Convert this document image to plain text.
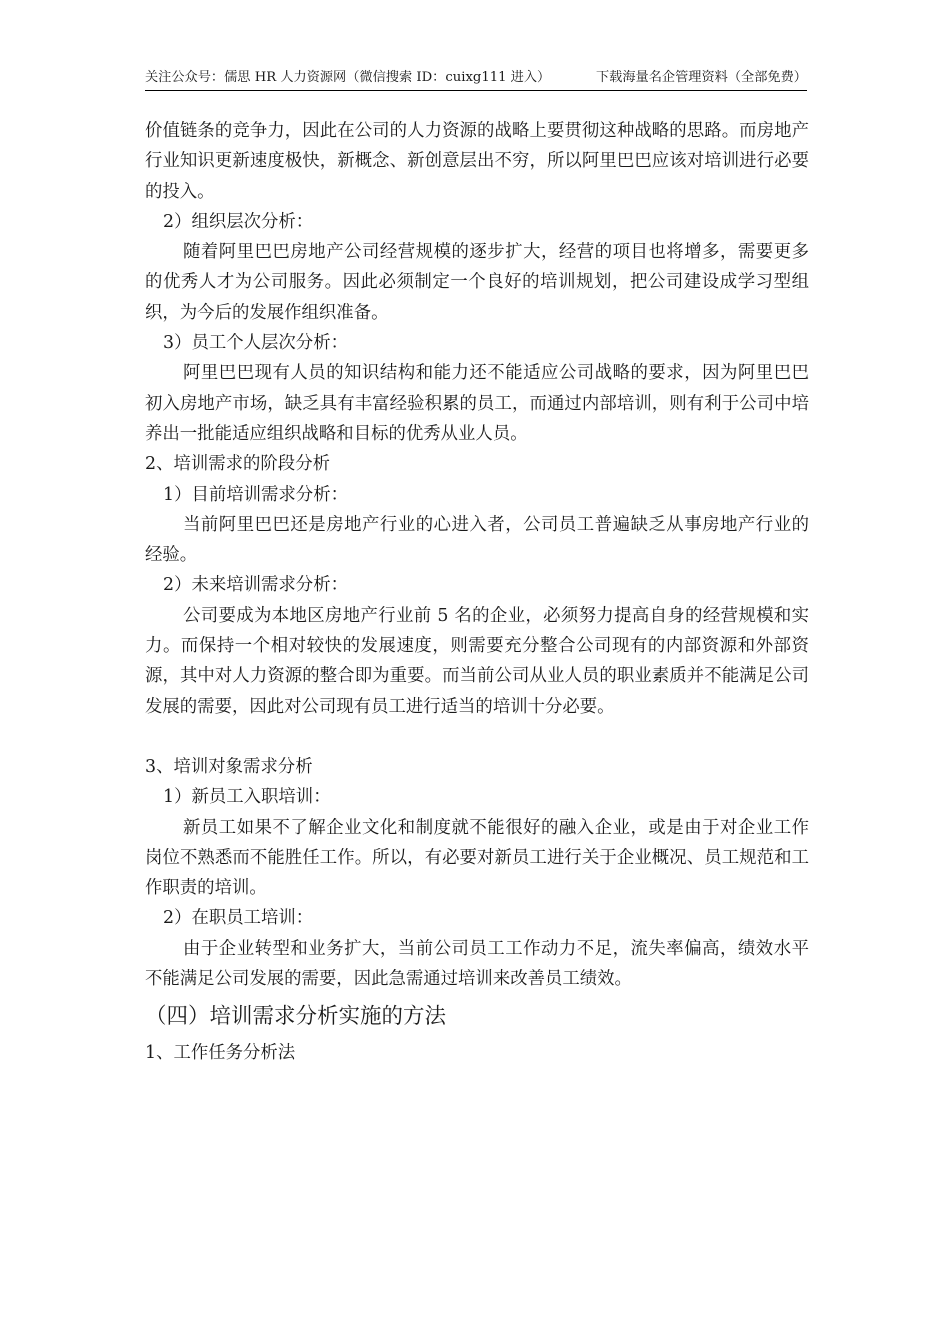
关注公众号：儒思 HR 人力资源网（微信搜索 ID：cuixg111 进入）	下载海量名企管理资料（全部免费）

价值链条的竞争力，因此在公司的人力资源的战略上要贯彻这种战略的思路。而房地产行业知识更新速度极快，新概念、新创意层出不穷，所以阿里巴巴应该对培训进行必要的投入。

2）组织层次分析：

随着阿里巴巴房地产公司经营规模的逐步扩大，经营的项目也将增多，需要更多的优秀人才为公司服务。因此必须制定一个良好的培训规划，把公司建设成学习型组织，为今后的发展作组织准备。

3）员工个人层次分析：

阿里巴巴现有人员的知识结构和能力还不能适应公司战略的要求，因为阿里巴巴初入房地产市场，缺乏具有丰富经验积累的员工，而通过内部培训，则有利于公司中培养出一批能适应组织战略和目标的优秀从业人员。

2、培训需求的阶段分析

1）目前培训需求分析：

当前阿里巴巴还是房地产行业的心进入者，公司员工普遍缺乏从事房地产行业的经验。

2）未来培训需求分析：

公司要成为本地区房地产行业前 5 名的企业，必须努力提高自身的经营规模和实力。而保持一个相对较快的发展速度，则需要充分整合公司现有的内部资源和外部资源，其中对人力资源的整合即为重要。而当前公司从业人员的职业素质并不能满足公司发展的需要，因此对公司现有员工进行适当的培训十分必要。

3、培训对象需求分析

1）新员工入职培训：

新员工如果不了解企业文化和制度就不能很好的融入企业，或是由于对企业工作岗位不熟悉而不能胜任工作。所以，有必要对新员工进行关于企业概况、员工规范和工作职责的培训。

2）在职员工培训：

由于企业转型和业务扩大，当前公司员工工作动力不足，流失率偏高，绩效水平不能满足公司发展的需要，因此急需通过培训来改善员工绩效。

（四）培训需求分析实施的方法

1、工作任务分析法
